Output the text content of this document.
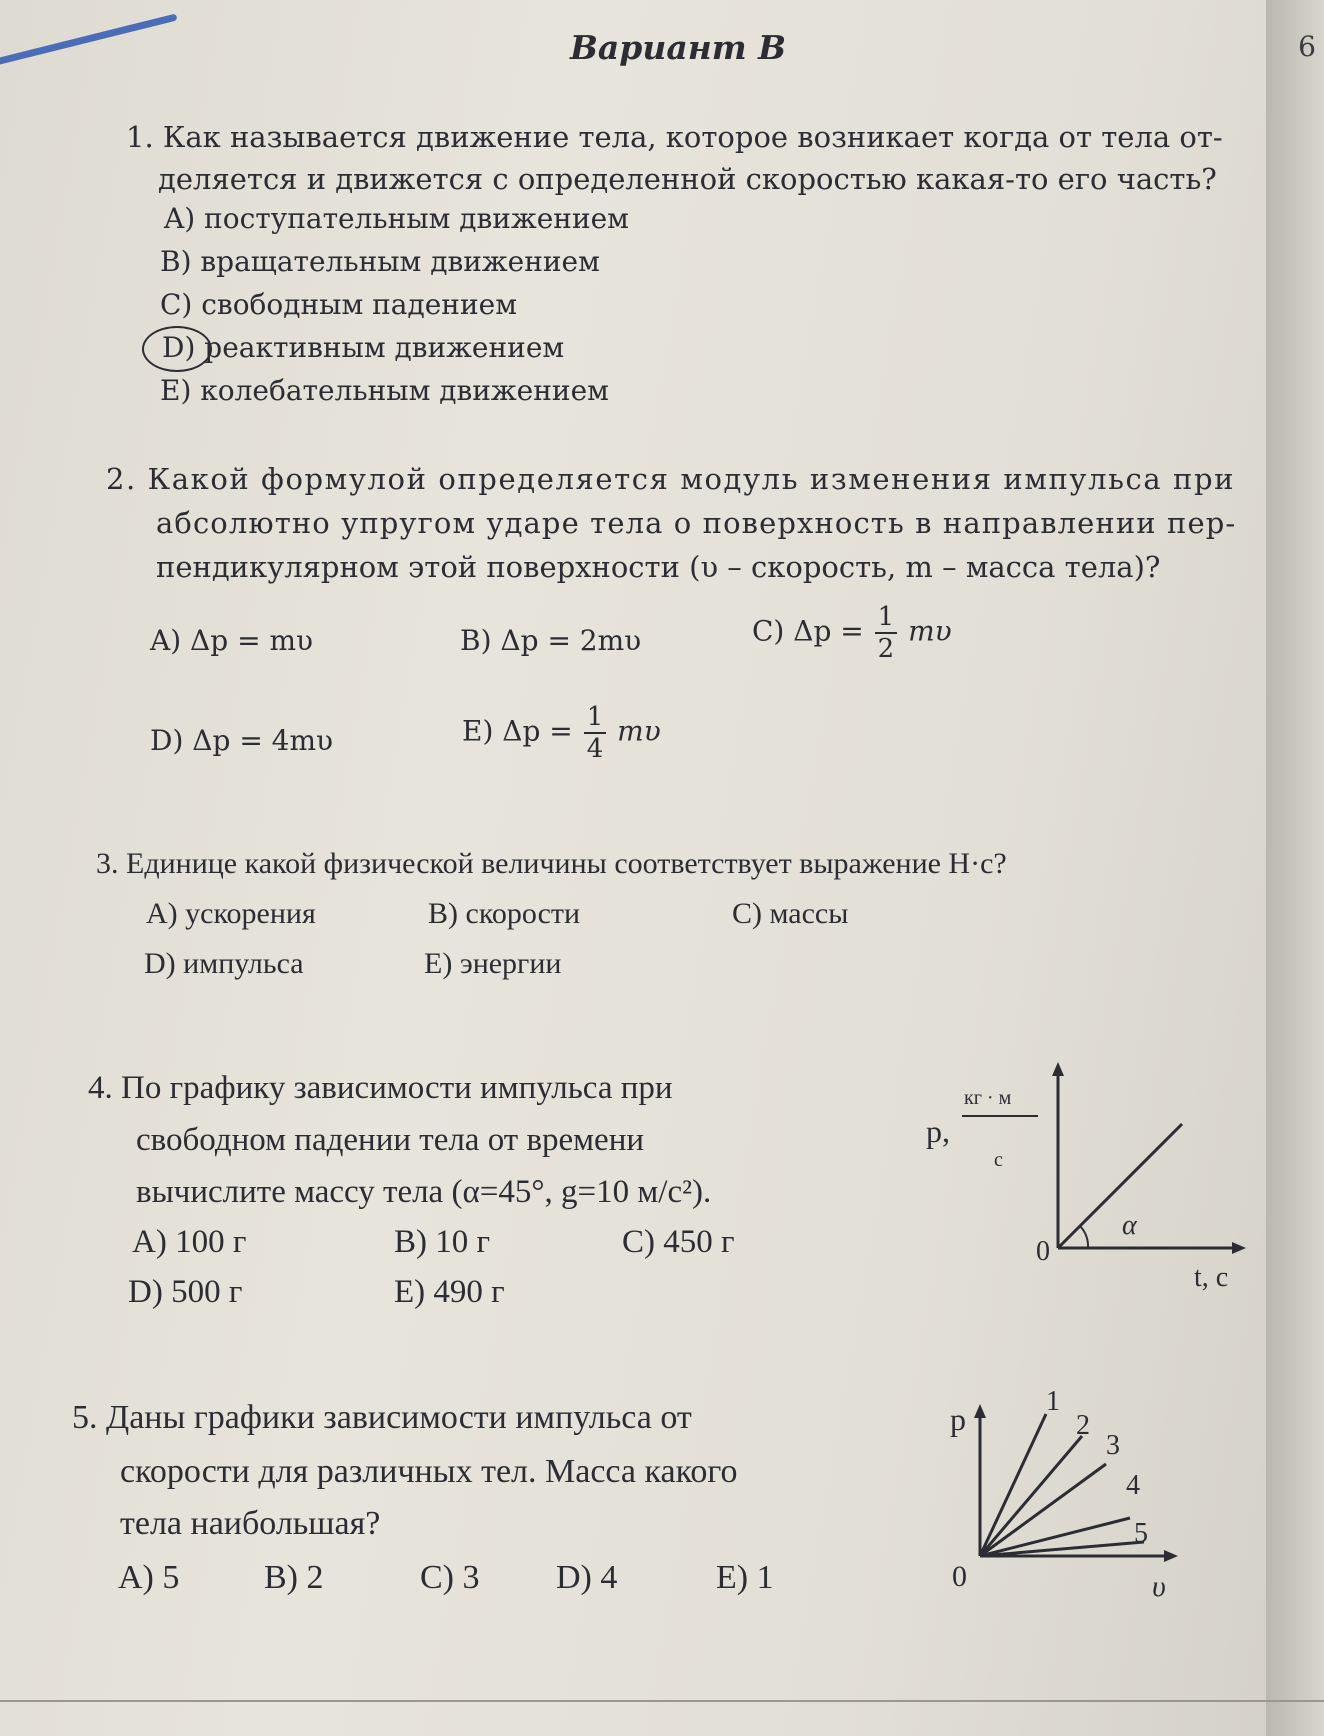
6
Вариант B
1. Как называется движение тела, которое возникает когда от тела от-
деляется и движется с определенной скоростью какая-то его часть?
A) поступательным движением
B) вращательным движением
C) свободным падением
D) реактивным движением
E) колебательным движением
2. Какой формулой определяется модуль изменения импульса при
абсолютно упругом ударе тела о поверхность в направлении пер-
пендикулярном этой поверхности (υ – скорость, m – масса тела)?
A) Δp = mυ	B) Δp = 2mυ	C) $\Delta p = \frac{1}{2}$ mυ
D) Δp = 4mυ	E) $\Delta p = \frac{1}{4}$ mυ
3. Единице какой физической величины соответствует выражение Н·с?
A) ускорения	B) скорости	C) массы
D) импульса	E) энергии
4. По графику зависимости импульса при
свободном падении тела от времени
вычислите массу тела (α=45°, g=10 м/с²).
A) 100 г	B) 10 г	C) 450 г
D) 500 г	E) 490 г
α
p,
кг · м
с
0
t, с
5. Даны графики зависимости импульса от
скорости для различных тел. Масса какого
тела наибольшая?
A) 5 B) 2	C) 3 D) 4	E) 1
1
2
3
4
5
p
0	υ
